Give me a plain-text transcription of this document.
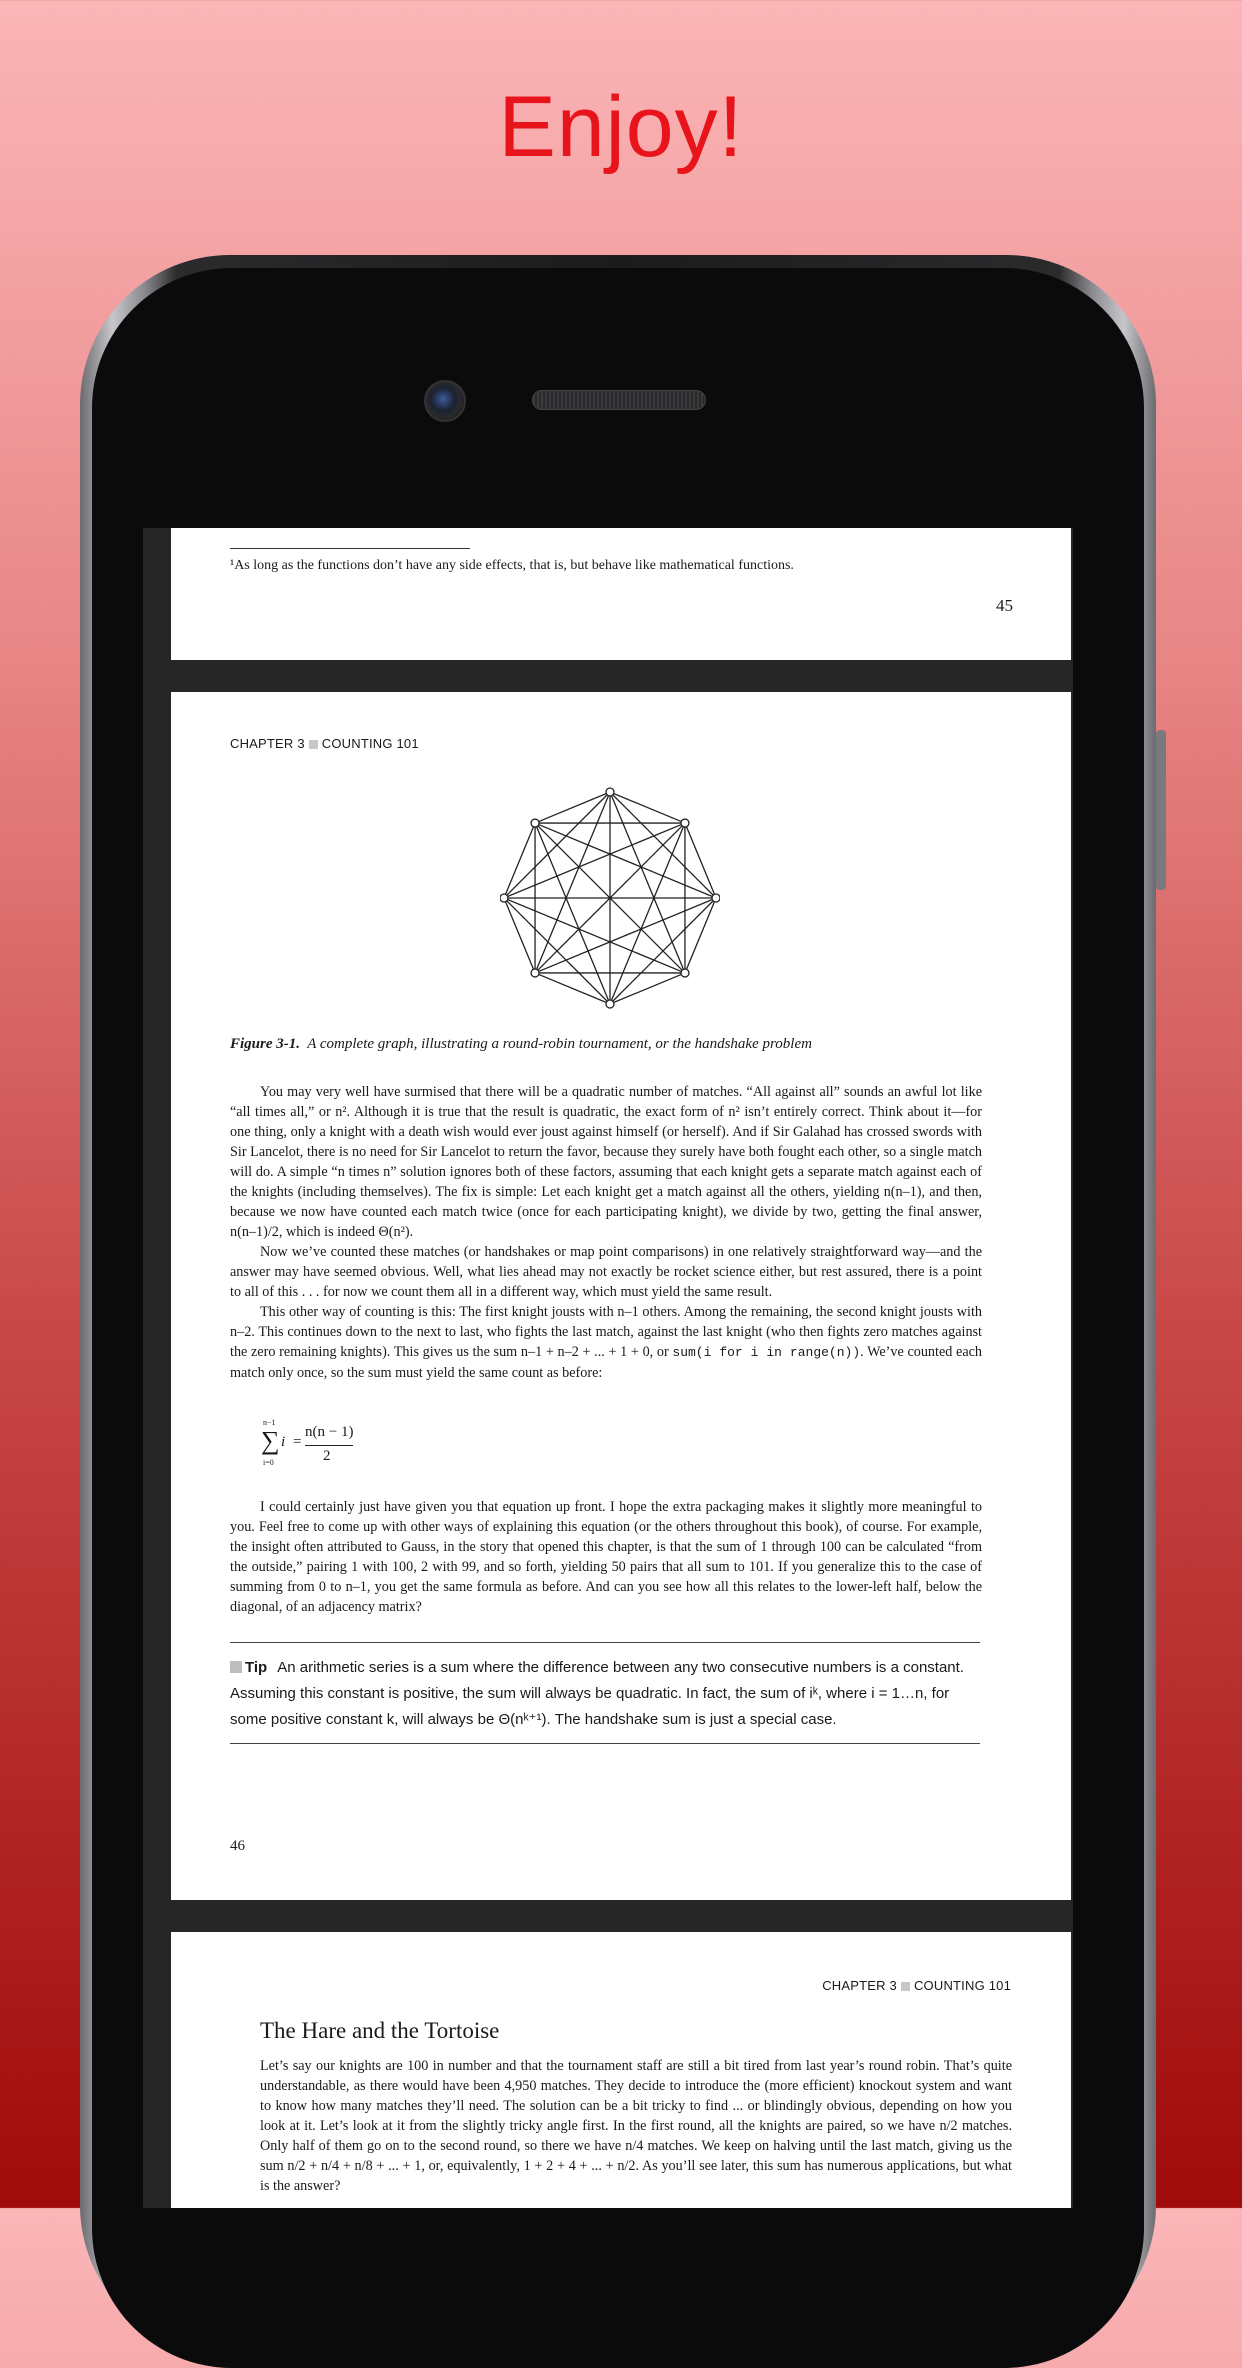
Enjoy!
¹As long as the functions don’t have any side effects, that is, but behave like mathematical functions.
45
CHAPTER 3 COUNTING 101
Figure 3-1. A complete graph, illustrating a round-robin tournament, or the handshake problem

You may very well have surmised that there will be a quadratic number of matches. “All against all” sounds an awful lot like “all times all,” or n². Although it is true that the result is quadratic, the exact form of n² isn’t entirely correct. Think about it—for one thing, only a knight with a death wish would ever joust against himself (or herself). And if Sir Galahad has crossed swords with Sir Lancelot, there is no need for Sir Lancelot to return the favor, because they surely have both fought each other, so a single match will do. A simple “n times n” solution ignores both of these factors, assuming that each knight gets a separate match against each of the knights (including themselves). The fix is simple: Let each knight get a match against all the others, yielding n(n–1), and then, because we now have counted each match twice (once for each participating knight), we divide by two, getting the final answer, n(n–1)/2, which is indeed Θ(n²).

Now we’ve counted these matches (or handshakes or map point comparisons) in one relatively straightforward way—and the answer may have seemed obvious. Well, what lies ahead may not exactly be rocket science either, but rest assured, there is a point to all of this . . . for now we count them all in a different way, which must yield the same result.

This other way of counting is this: The first knight jousts with n–1 others. Among the remaining, the second knight jousts with n–2. This continues down to the next to last, who fights the last match, against the last knight (who then fights zero matches against the zero remaining knights). This gives us the sum n–1 + n–2 + ... + 1 + 0, or sum(i for i in range(n)). We’ve counted each match only once, so the sum must yield the same count as before:

n−1
∑
i=0
i =
n(n − 1)
2

I could certainly just have given you that equation up front. I hope the extra packaging makes it slightly more meaningful to you. Feel free to come up with other ways of explaining this equation (or the others throughout this book), of course. For example, the insight often attributed to Gauss, in the story that opened this chapter, is that the sum of 1 through 100 can be calculated “from the outside,” pairing 1 with 100, 2 with 99, and so forth, yielding 50 pairs that all sum to 101. If you generalize this to the case of summing from 0 to n–1, you get the same formula as before. And can you see how all this relates to the lower-left half, below the diagonal, of an adjacency matrix?

Tip An arithmetic series is a sum where the difference between any two consecutive numbers is a constant. Assuming this constant is positive, the sum will always be quadratic. In fact, the sum of iᵏ, where i = 1…n, for some positive constant k, will always be Θ(nᵏ⁺¹). The handshake sum is just a special case.
46
CHAPTER 3 COUNTING 101
The Hare and the Tortoise
Let’s say our knights are 100 in number and that the tournament staff are still a bit tired from last year’s round robin. That’s quite understandable, as there would have been 4,950 matches. They decide to introduce the (more efficient) knockout system and want to know how many matches they’ll need. The solution can be a bit tricky to find ... or blindingly obvious, depending on how you look at it. Let’s look at it from the slightly tricky angle first. In the first round, all the knights are paired, so we have n/2 matches. Only half of them go on to the second round, so there we have n/4 matches. We keep on halving until the last match, giving us the sum n/2 + n/4 + n/8 + ... + 1, or, equivalently, 1 + 2 + 4 + ... + n/2. As you’ll see later, this sum has numerous applications, but what is the answer?
